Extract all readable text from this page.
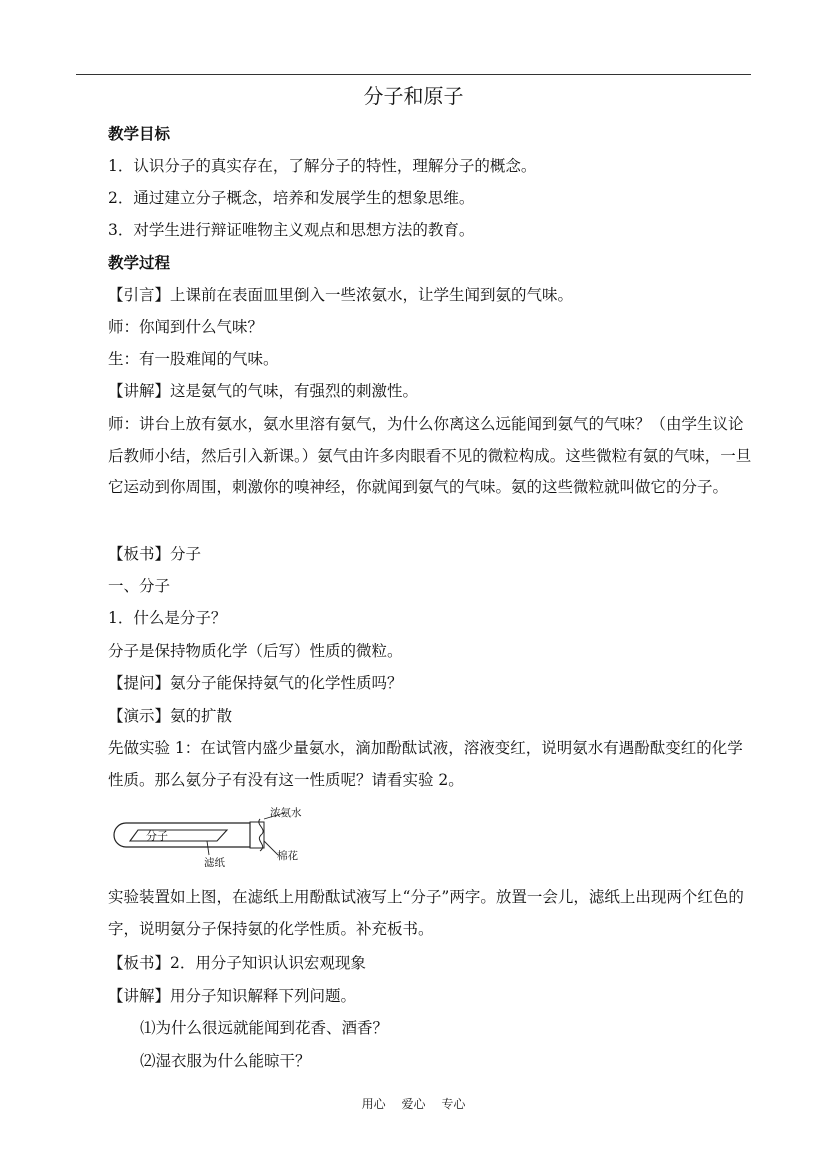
分子和原子
教学目标
1．认识分子的真实存在，了解分子的特性，理解分子的概念。
2．通过建立分子概念，培养和发展学生的想象思维。
3．对学生进行辩证唯物主义观点和思想方法的教育。
教学过程
【引言】上课前在表面皿里倒入一些浓氨水，让学生闻到氨的气味。
师：你闻到什么气味？
生：有一股难闻的气味。
【讲解】这是氨气的气味，有强烈的刺激性。
师：讲台上放有氨水，氨水里溶有氨气，为什么你离这么远能闻到氨气的气味？（由学生议论后教师小结，然后引入新课。）氨气由许多肉眼看不见的微粒构成。这些微粒有氨的气味，一旦它运动到你周围，刺激你的嗅神经，你就闻到氨气的气味。氨的这些微粒就叫做它的分子。
【板书】分子
一、分子
1．什么是分子？
分子是保持物质化学（后写）性质的微粒。
【提问】氨分子能保持氨气的化学性质吗？
【演示】氨的扩散
先做实验 1：在试管内盛少量氨水，滴加酚酞试液，溶液变红，说明氨水有遇酚酞变红的化学性质。那么氨分子有没有这一性质呢？请看实验 2。
分子
浓氨水
棉花
滤纸
实验装置如上图，在滤纸上用酚酞试液写上“分子”两字。放置一会儿，滤纸上出现两个红色的字，说明氨分子保持氨的化学性质。补充板书。
【板书】2．用分子知识认识宏观现象
【讲解】用分子知识解释下列问题。
⑴为什么很远就能闻到花香、酒香？
⑵湿衣服为什么能晾干？
用心 爱心 专心
